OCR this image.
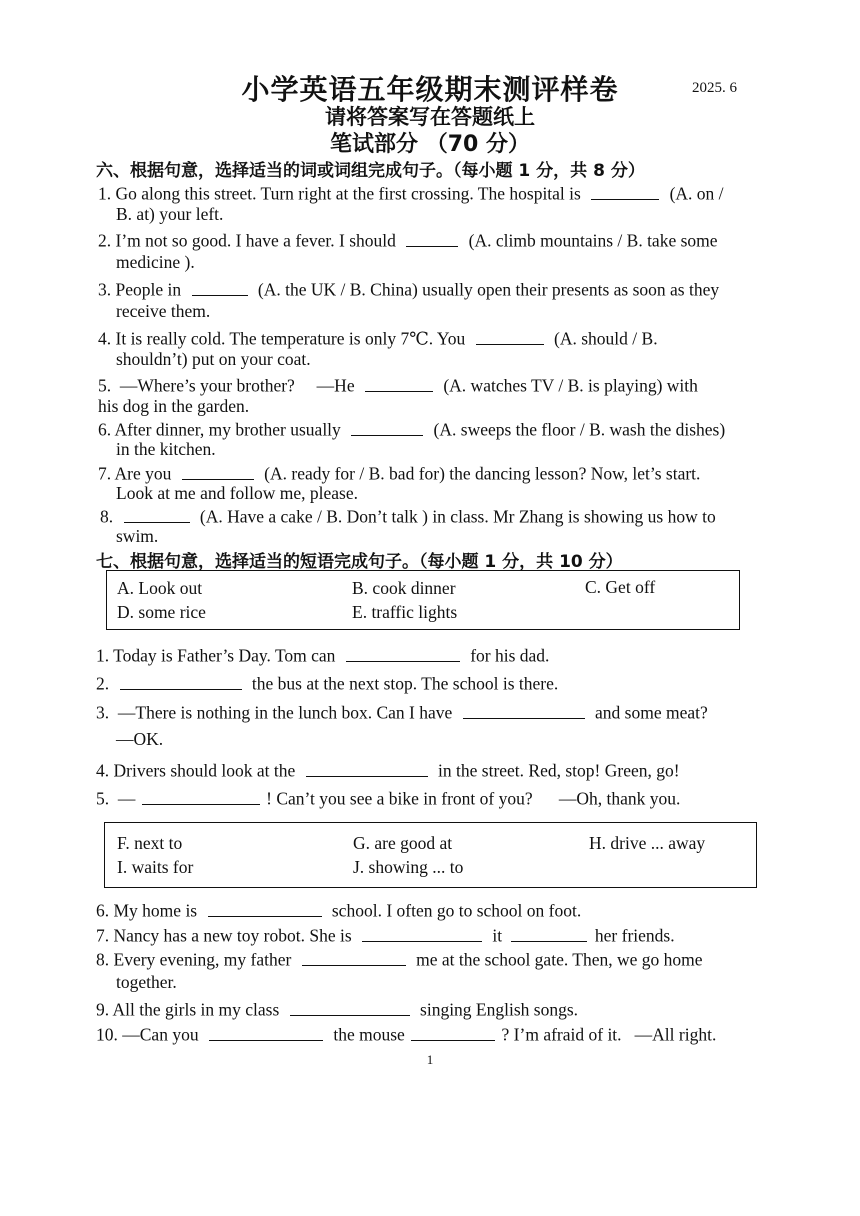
小学英语五年级期末测评样卷	2025. 6
请将答案写在答题纸上
笔试部分 （70 分）
六、根据句意，选择适当的词或词组完成句子。（每小题 1 分，共 8 分）
1. Go along this street. Turn right at the first crossing. The hospital is	(A. on /
B. at) your left.
2. I’m not so good. I have a fever. I should	(A. climb mountains / B. take some
medicine ).
3. People in	(A. the UK / B. China) usually open their presents as soon as they
receive them.
4. It is really cold. The temperature is only 7℃. You	(A. should / B.
shouldn’t) put on your coat.
5.  —Where’s your brother?     —He	(A. watches TV / B. is playing) with
his dog in the garden.
6. After dinner, my brother usually	(A. sweeps the floor / B. wash the dishes)
in the kitchen.
7. Are you	(A. ready for / B. bad for) the dancing lesson? Now, let’s start.
Look at me and follow me, please.
8.	(A. Have a cake / B. Don’t talk ) in class. Mr Zhang is showing us how to
swim.
七、根据句意，选择适当的短语完成句子。（每小题 1 分，共 10 分）
A. Look out	B. cook dinner	C. Get off
D. some rice	E. traffic lights
1. Today is Father’s Day. Tom can	for his dad.
2.	the bus at the next stop. The school is there.
3.  —There is nothing in the lunch box. Can I have	and some meat?
—OK.
4. Drivers should look at the	in the street. Red, stop! Green, go!
5.  —	! Can’t you see a bike in front of you?      —Oh, thank you.
F. next to	G. are good at	H. drive ... away
I. waits for	J. showing ... to
6. My home is	school. I often go to school on foot.
7. Nancy has a new toy robot. She is	it	her friends.
8. Every evening, my father	me at the school gate. Then, we go home
together.
9. All the girls in my class	singing English songs.
10. —Can you	the mouse	? I’m afraid of it.   —All right.
1
